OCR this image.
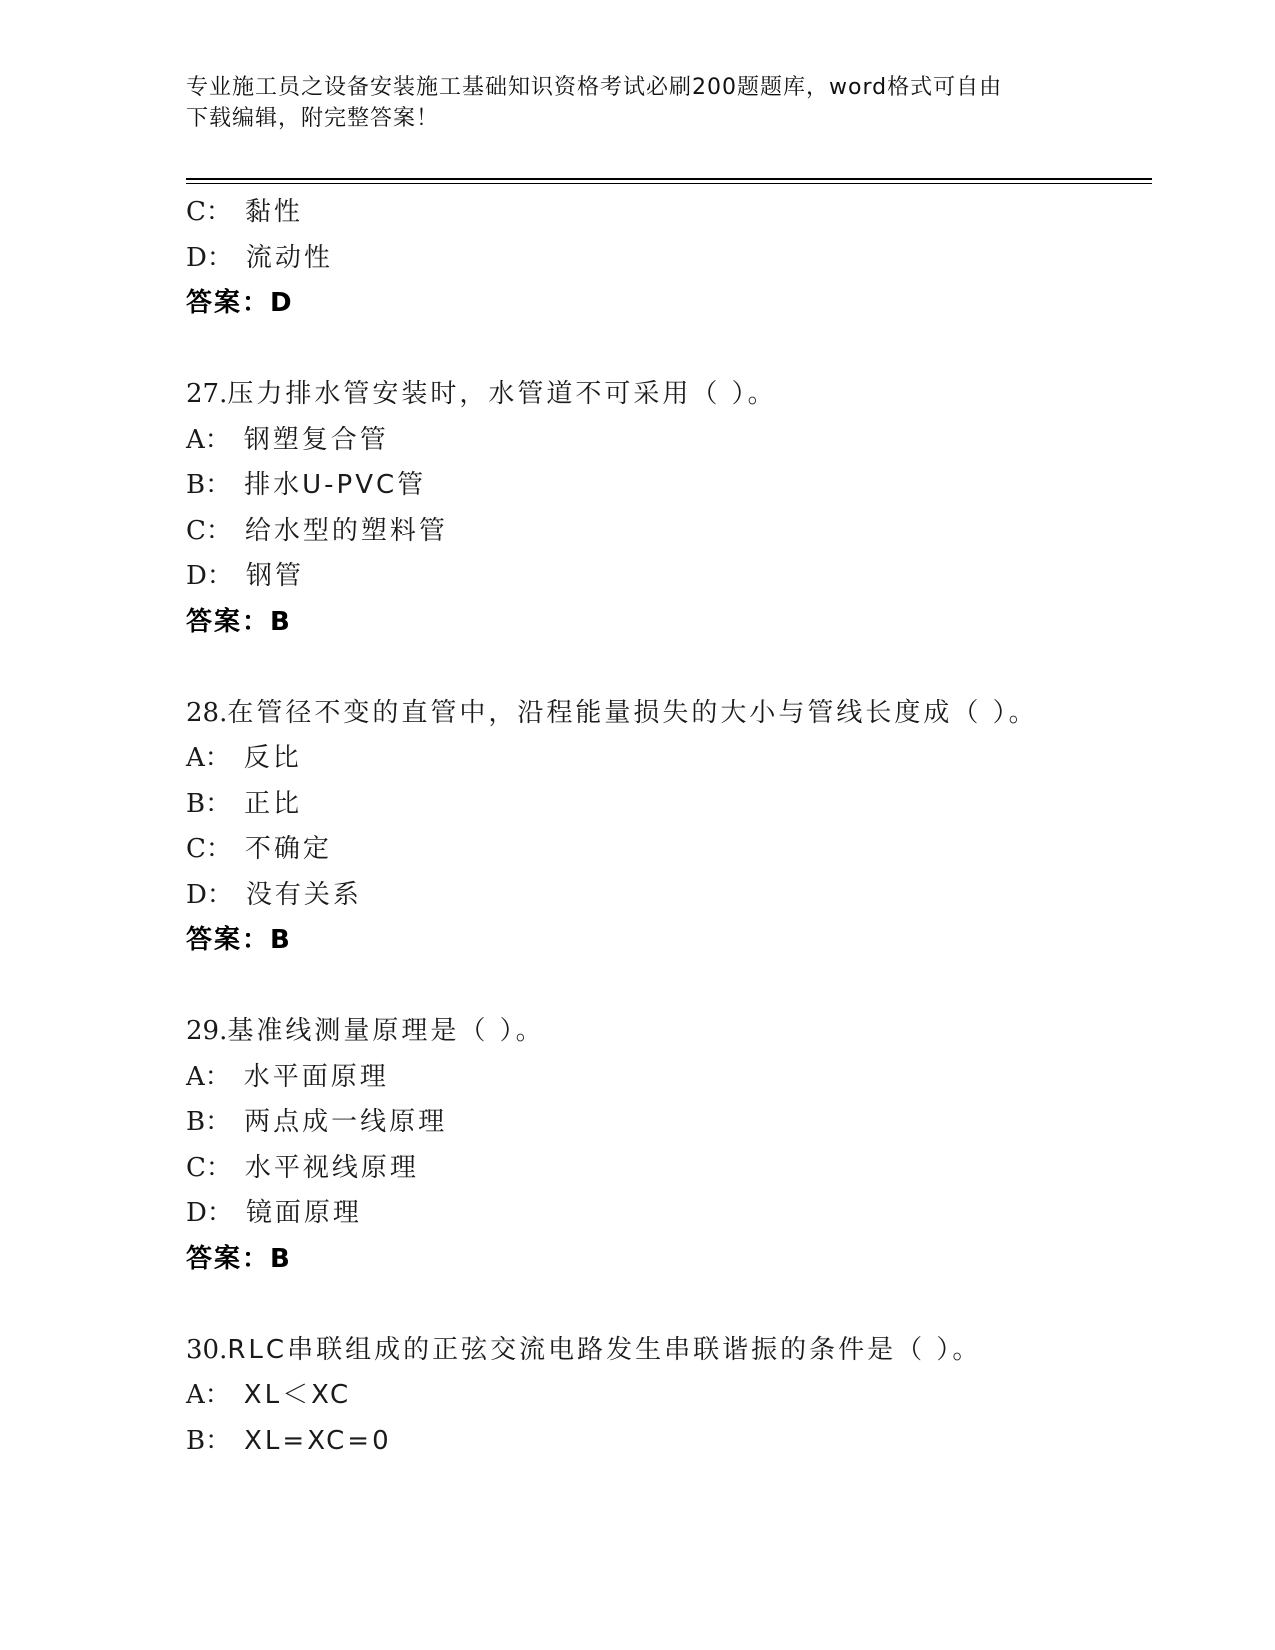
专业施工员之设备安装施工基础知识资格考试必刷200题题库，word格式可自由
下载编辑，附完整答案！
C： 黏性
D： 流动性
答案：D
27.压力排水管安装时，水管道不可采用（ ）。
A： 钢塑复合管
B： 排水U-PVC管
C： 给水型的塑料管
D： 钢管
答案：B
28.在管径不变的直管中，沿程能量损失的大小与管线长度成（ ）。
A： 反比
B： 正比
C： 不确定
D： 没有关系
答案：B
29.基准线测量原理是（ ）。
A： 水平面原理
B： 两点成一线原理
C： 水平视线原理
D： 镜面原理
答案：B
30.RLC串联组成的正弦交流电路发生串联谐振的条件是（ ）。
A： XL＜XC
B： XL=XC=0
